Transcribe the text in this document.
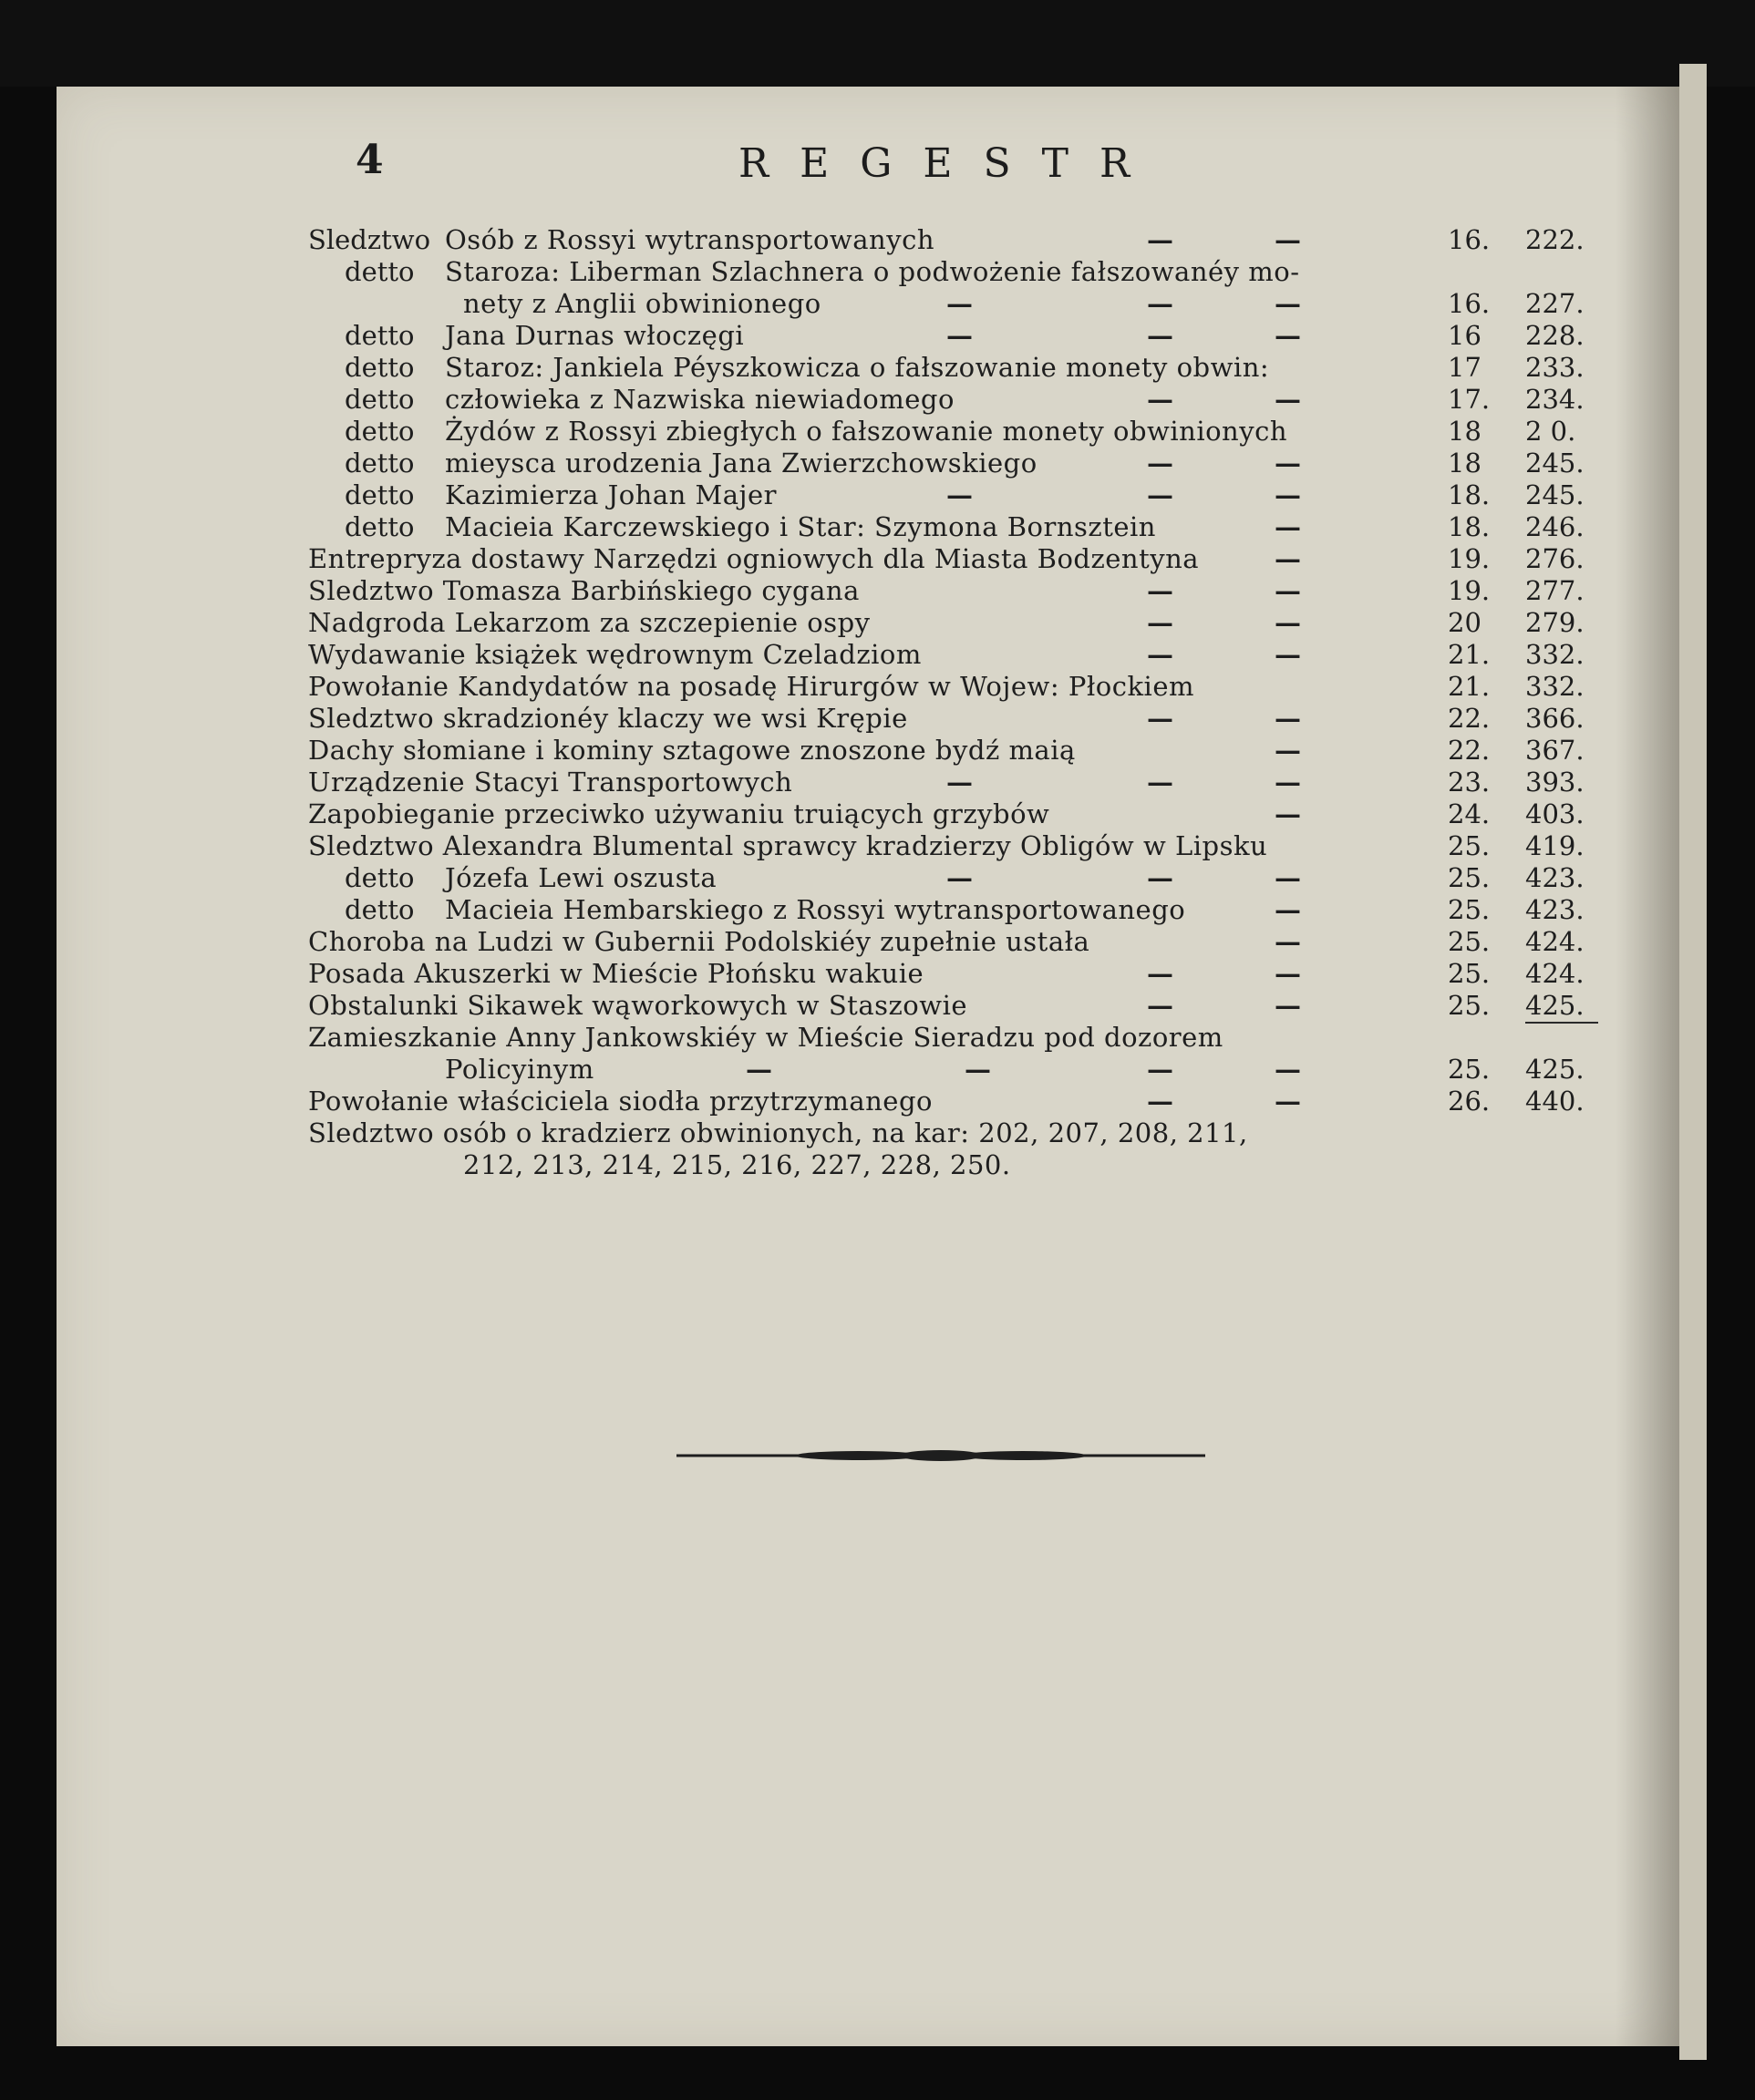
4	REGESTR
Sledztwo Osób z Rossyi wytransportowanych	—	—	16.	222.
detto Staroza: Liberman Szlachnera o podwożenie fałszowanéy mo-
nety z Anglii obwinionego	—	—	—	16.	227.
detto Jana Durnas włoczęgi	—	—	—	16	228.
detto Staroz: Jankiela Péyszkowicza o fałszowanie monety obwin:	17	233.
detto człowieka z Nazwiska niewiadomego	—	—	17.	234.
detto Żydów z Rossyi zbiegłych o fałszowanie monety obwinionych	18	2 0.
detto mieysca urodzenia Jana Zwierzchowskiego	—	—	18	245.
detto Kazimierza Johan Majer	—	—	—	18.	245.
detto Macieia Karczewskiego i Star: Szymona Bornsztein	—	18.	246.
Entrepryza dostawy Narzędzi ogniowych dla Miasta Bodzentyna	—	19.	276.
Sledztwo Tomasza Barbińskiego cygana	—	—	19.	277.
Nadgroda Lekarzom za szczepienie ospy	—	—	20	279.
Wydawanie książek wędrownym Czeladziom	—	—	21.	332.
Powołanie Kandydatów na posadę Hirurgów w Wojew: Płockiem	21.	332.
Sledztwo skradzionéy klaczy we wsi Krępie	—	—	22.	366.
Dachy słomiane i kominy sztagowe znoszone bydź maią	—	22.	367.
Urządzenie Stacyi Transportowych	—	—	—	23.	393.
Zapobieganie przeciwko używaniu truiących grzybów	—	24.	403.
Sledztwo Alexandra Blumental sprawcy kradzierzy Obligów w Lipsku	25.	419.
detto Józefa Lewi oszusta	—	—	—	25.	423.
detto Macieia Hembarskiego z Rossyi wytransportowanego	—	25.	423.
Choroba na Ludzi w Gubernii Podolskiéy zupełnie ustała	—	25.	424.
Posada Akuszerki w Mieście Płońsku wakuie	—	—	25.	424.
Obstalunki Sikawek wąworkowych w Staszowie	—	—	25.	425.
Zamieszkanie Anny Jankowskiéy w Mieście Sieradzu pod dozorem
Policyinym	—	—	—	—	25.	425.
Powołanie właściciela siodła przytrzymanego	—	—	26.	440.
Sledztwo osób o kradzierz obwinionych, na kar: 202, 207, 208, 211,
212, 213, 214, 215, 216, 227, 228, 250.
